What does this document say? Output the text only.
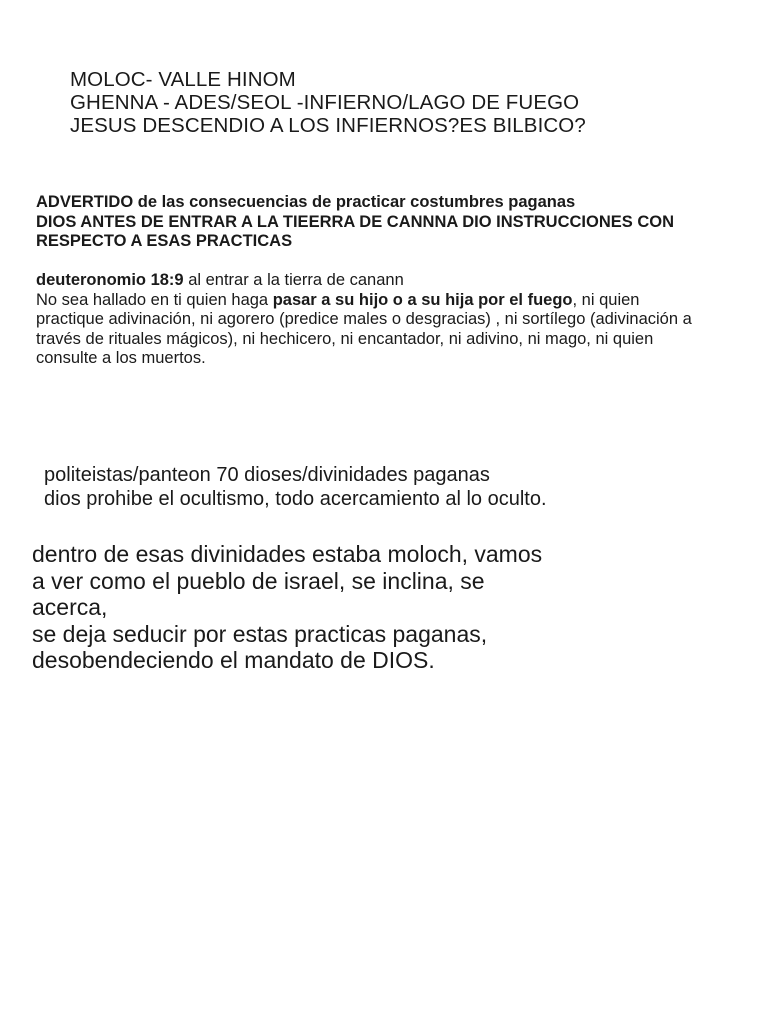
MOLOC- VALLE HINOM
GHENNA - ADES/SEOL -INFIERNO/LAGO DE FUEGO
JESUS DESCENDIO A LOS INFIERNOS?ES BILBICO?

ADVERTIDO de las consecuencias de practicar costumbres paganas

DIOS ANTES DE ENTRAR A LA TIEERRA DE CANNNA DIO INSTRUCCIONES CON RESPECTO A ESAS PRACTICAS

deuteronomio 18:9 al entrar a la tierra de canann

No sea hallado en ti quien haga pasar a su hijo o a su hija por el fuego, ni quien practique adivinación, ni agorero (predice males o desgracias) , ni sortílego (adivinación a través de rituales mágicos), ni hechicero, ni encantador, ni adivino, ni mago, ni quien consulte a los muertos.

politeistas/panteon 70 dioses/divinidades paganas
dios prohibe el ocultismo, todo acercamiento al lo oculto.
dentro de esas divinidades estaba moloch, vamos
a ver como el pueblo de israel, se inclina, se
acerca,
se deja seducir por estas practicas paganas,
desobendeciendo el mandato de DIOS.
